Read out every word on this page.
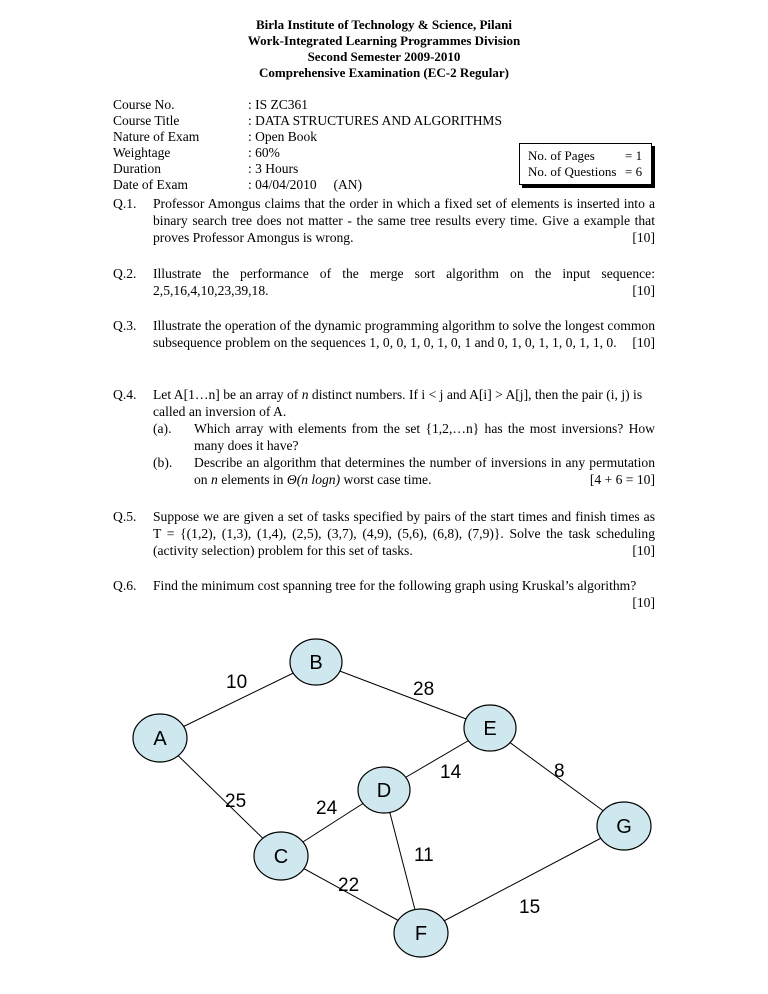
Birla Institute of Technology & Science, Pilani
Work-Integrated Learning Programmes Division
Second Semester 2009-2010
Comprehensive Examination (EC-2 Regular)
Course No.	: IS ZC361
Course Title	: DATA STRUCTURES AND ALGORITHMS
Nature of Exam	: Open Book
Weightage	: 60%
Duration	: 3 Hours
Date of Exam	: 04/04/2010     (AN)
No. of Pages	= 1
No. of Questions = 6
Q.1.	Professor Amongus claims that the order in which a fixed set of elements is inserted into a binary search tree does not matter - the same tree results every time. Give a example that proves Professor Amongus is wrong.	[10]
Q.2.	Illustrate the performance of the merge sort algorithm on the input sequence: 2,5,16,4,10,23,39,18.	[10]
Q.3.	Illustrate the operation of the dynamic programming algorithm to solve the longest common subsequence problem on the sequences 1, 0, 0, 1, 0, 1, 0, 1 and 0, 1, 0, 1, 1, 0, 1, 1, 0. [10]
Q.4.	Let A[1…n] be an array of n distinct numbers. If i < j and A[i] > A[j], then the pair (i, j) is called an inversion of A.
(a). Which array with elements from the set {1,2,…n} has the most inversions? How many does it have?
(b). Describe an algorithm that determines the number of inversions in any permutation on n elements in Θ(n logn) worst case time.	[4 + 6 = 10]
Q.5.	Suppose we are given a set of tasks specified by pairs of the start times and finish times as T = {(1,2), (1,3), (1,4), (2,5), (3,7), (4,9), (5,6), (6,8), (7,9)}. Solve the task scheduling (activity selection) problem for this set of tasks.	[10]
Q.6.	Find the minimum cost spanning tree for the following graph using Kruskal’s algorithm?
[10]
10	28
25	24
14	8
11
22
15
A
B
C
D
E
F
G
